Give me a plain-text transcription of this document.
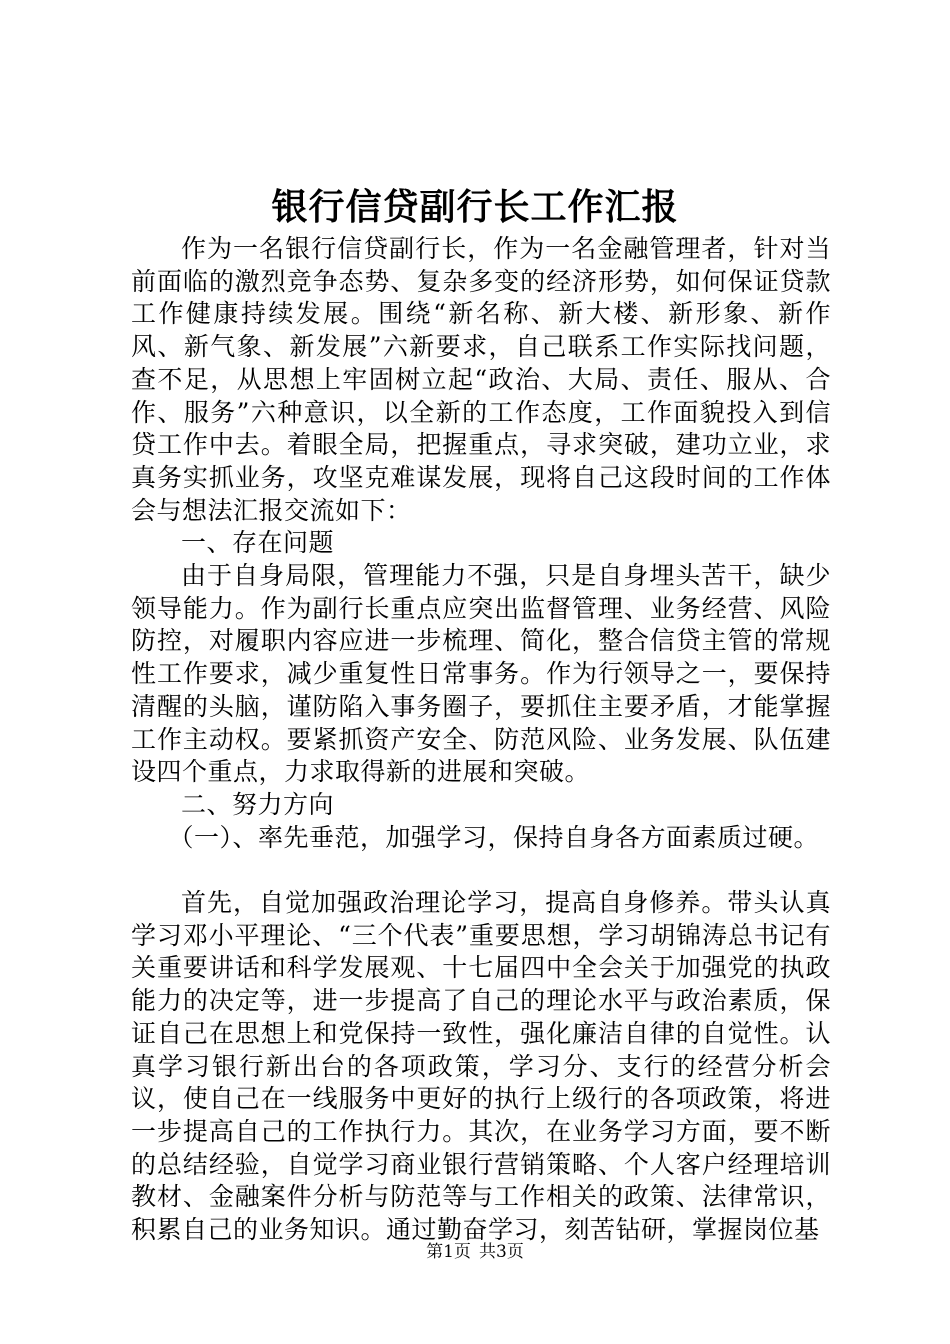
银行信贷副行长工作汇报

作为一名银行信贷副行长，作为一名金融管理者，针对当前面临的激烈竞争态势、复杂多变的经济形势，如何保证贷款工作健康持续发展。围绕“新名称、新大楼、新形象、新作风、新气象、新发展”六新要求，自己联系工作实际找问题，查不足，从思想上牢固树立起“政治、大局、责任、服从、合作、服务”六种意识，以全新的工作态度，工作面貌投入到信贷工作中去。着眼全局，把握重点，寻求突破，建功立业，求真务实抓业务，攻坚克难谋发展，现将自己这段时间的工作体会与想法汇报交流如下：

一、存在问题

由于自身局限，管理能力不强，只是自身埋头苦干，缺少领导能力。作为副行长重点应突出监督管理、业务经营、风险防控，对履职内容应进一步梳理、简化，整合信贷主管的常规性工作要求，减少重复性日常事务。作为行领导之一，要保持清醒的头脑，谨防陷入事务圈子，要抓住主要矛盾，才能掌握工作主动权。要紧抓资产安全、防范风险、业务发展、队伍建设四个重点，力求取得新的进展和突破。

二、努力方向

（一）、率先垂范，加强学习，保持自身各方面素质过硬。

首先，自觉加强政治理论学习，提高自身修养。带头认真学习邓小平理论、“三个代表”重要思想，学习胡锦涛总书记有关重要讲话和科学发展观、十七届四中全会关于加强党的执政能力的决定等，进一步提高了自己的理论水平与政治素质，保证自己在思想上和党保持一致性，强化廉洁自律的自觉性。认真学习银行新出台的各项政策，学习分、支行的经营分析会议，使自己在一线服务中更好的执行上级行的各项政策，将进一步提高自己的工作执行力。其次，在业务学习方面，要不断的总结经验，自觉学习商业银行营销策略、个人客户经理培训教材、金融案件分析与防范等与工作相关的政策、法律常识，积累自己的业务知识。通过勤奋学习，刻苦钻研，掌握岗位基

第1页 共3页
